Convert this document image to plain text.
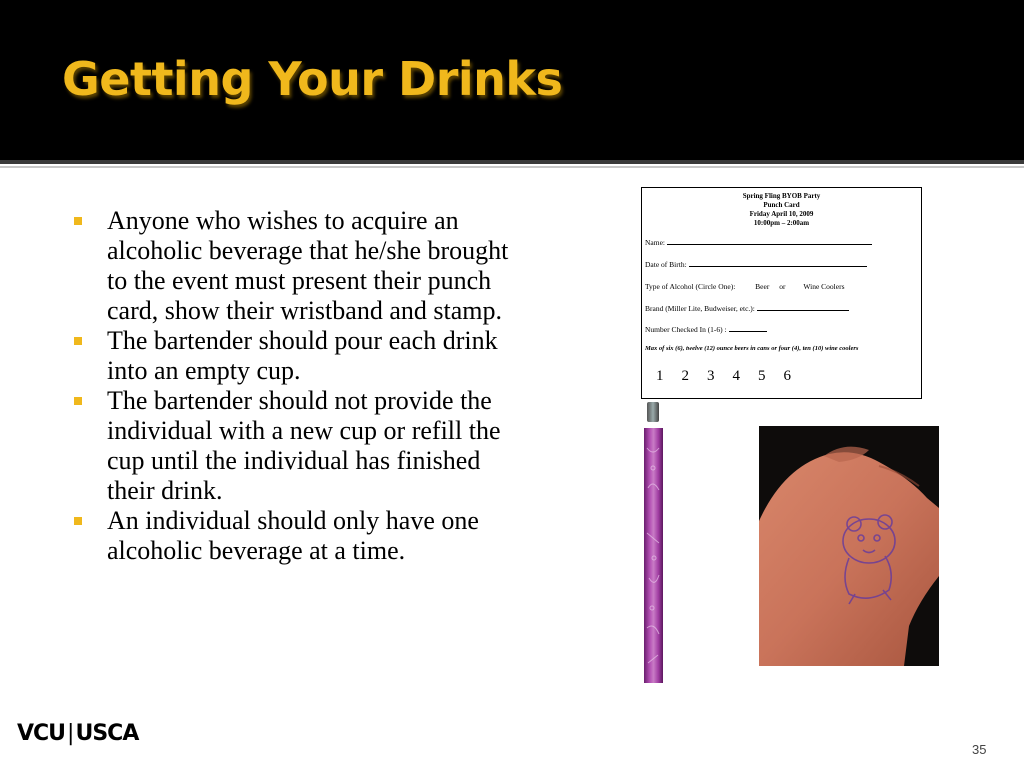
Getting Your Drinks
Anyone who wishes to acquire an alcoholic beverage that he/she brought to the event must present their punch card, show their wristband and stamp.
The bartender should pour each drink into an empty cup.
The bartender should not provide the individual with a new cup or refill the cup until the individual has finished their drink.
An individual should only have one alcoholic beverage at a time.
Spring Fling BYOB Party
Punch Card
Friday April 10, 2009
10:00pm – 2:00am
Name:
Date of Birth:
Type of Alcohol (Circle One):	Beer or Wine Coolers
Brand (Miller Lite, Budweiser, etc.):
Number Checked In (1-6) :
Max of six (6), twelve (12) ounce beers in cans or four (4), ten (10) wine coolers
1 2 3 4 5 6
VCU|USCA
35
